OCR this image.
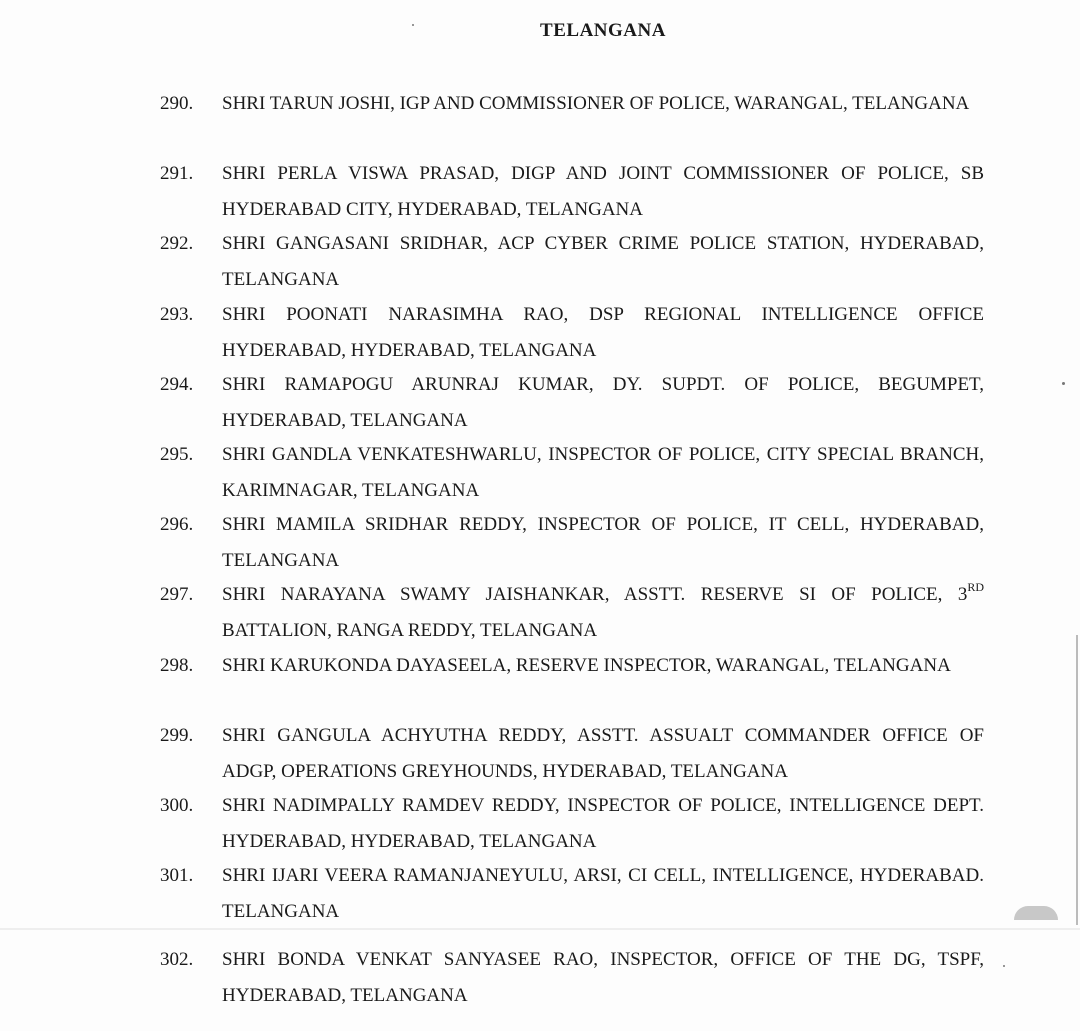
TELANGANA
290.	SHRI TARUN JOSHI, IGP AND COMMISSIONER OF POLICE, WARANGAL, TELANGANA
291.	SHRI PERLA VISWA PRASAD, DIGP AND JOINT COMMISSIONER OF POLICE, SB HYDERABAD CITY, HYDERABAD, TELANGANA
292.	SHRI GANGASANI SRIDHAR, ACP CYBER CRIME POLICE STATION, HYDERABAD, TELANGANA
293.	SHRI POONATI NARASIMHA RAO, DSP REGIONAL INTELLIGENCE OFFICE HYDERABAD, HYDERABAD, TELANGANA
294.	SHRI RAMAPOGU ARUNRAJ KUMAR, DY. SUPDT. OF POLICE, BEGUMPET, HYDERABAD, TELANGANA
295.	SHRI GANDLA VENKATESHWARLU, INSPECTOR OF POLICE, CITY SPECIAL BRANCH, KARIMNAGAR, TELANGANA
296.	SHRI MAMILA SRIDHAR REDDY, INSPECTOR OF POLICE, IT CELL, HYDERABAD, TELANGANA
297.	SHRI NARAYANA SWAMY JAISHANKAR, ASSTT. RESERVE SI OF POLICE, 3RD BATTALION, RANGA REDDY, TELANGANA
298.	SHRI KARUKONDA DAYASEELA, RESERVE INSPECTOR, WARANGAL, TELANGANA
299.	SHRI GANGULA ACHYUTHA REDDY, ASSTT. ASSUALT COMMANDER OFFICE OF ADGP, OPERATIONS GREYHOUNDS, HYDERABAD, TELANGANA
300.	SHRI NADIMPALLY RAMDEV REDDY, INSPECTOR OF POLICE, INTELLIGENCE DEPT. HYDERABAD, HYDERABAD, TELANGANA
301.	SHRI IJARI VEERA RAMANJANEYULU, ARSI, CI CELL, INTELLIGENCE, HYDERABAD. TELANGANA
302.	SHRI BONDA VENKAT SANYASEE RAO, INSPECTOR, OFFICE OF THE DG, TSPF, HYDERABAD, TELANGANA
